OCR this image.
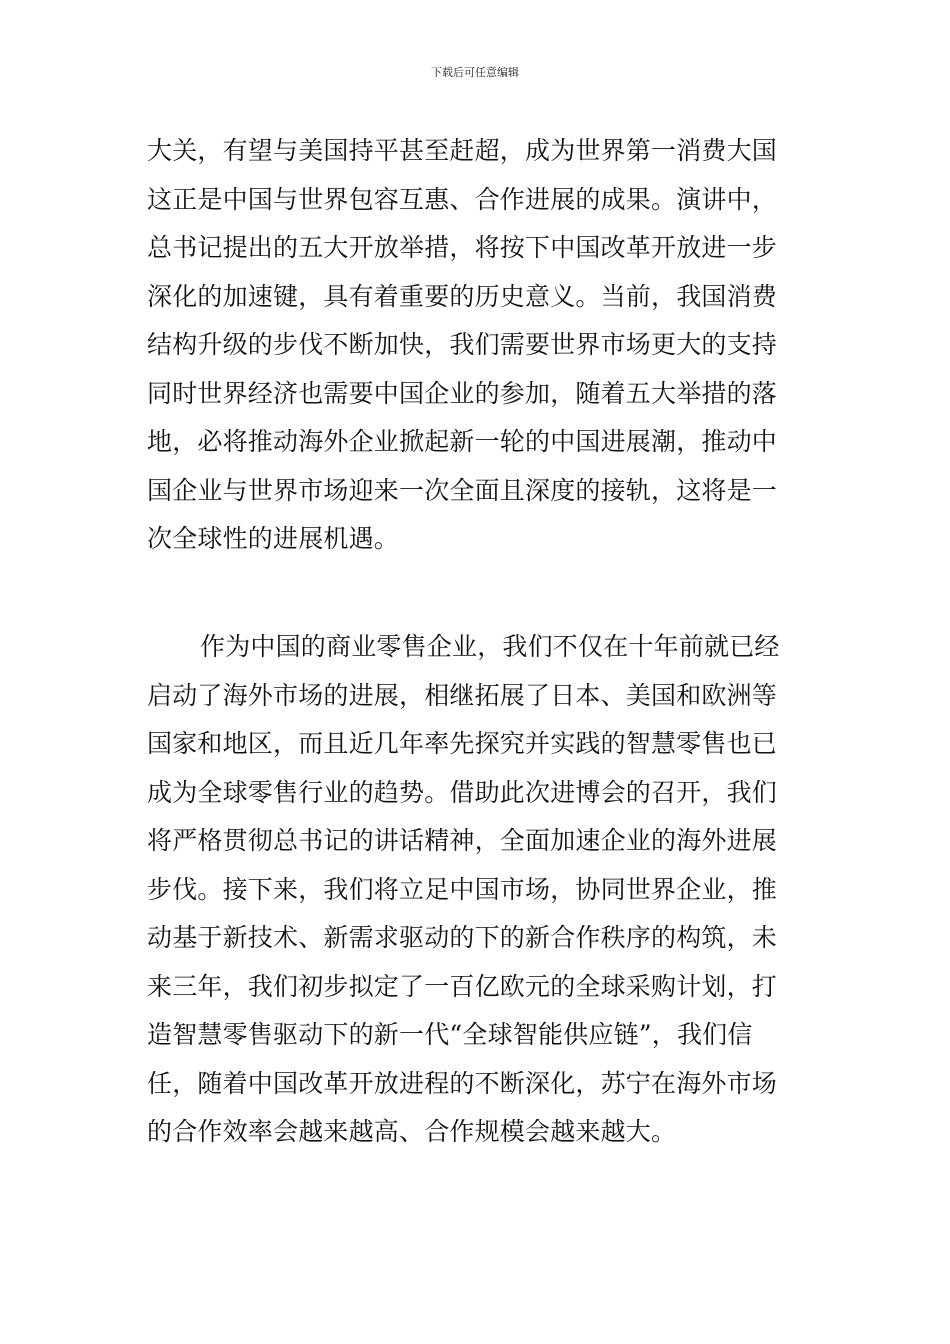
下载后可任意编辑
大关，有望与美国持平甚至赶超，成为世界第一消费大国
这正是中国与世界包容互惠、合作进展的成果。演讲中，
总书记提出的五大开放举措，将按下中国改革开放进一步
深化的加速键，具有着重要的历史意义。当前，我国消费
结构升级的步伐不断加快，我们需要世界市场更大的支持
同时世界经济也需要中国企业的参加，随着五大举措的落
地，必将推动海外企业掀起新一轮的中国进展潮，推动中
国企业与世界市场迎来一次全面且深度的接轨，这将是一
次全球性的进展机遇。
作为中国的商业零售企业，我们不仅在十年前就已经
启动了海外市场的进展，相继拓展了日本、美国和欧洲等
国家和地区，而且近几年率先探究并实践的智慧零售也已
成为全球零售行业的趋势。借助此次进博会的召开，我们
将严格贯彻总书记的讲话精神，全面加速企业的海外进展
步伐。接下来，我们将立足中国市场，协同世界企业，推
动基于新技术、新需求驱动的下的新合作秩序的构筑，未
来三年，我们初步拟定了一百亿欧元的全球采购计划，打
造智慧零售驱动下的新一代“全球智能供应链”，我们信
任，随着中国改革开放进程的不断深化，苏宁在海外市场
的合作效率会越来越高、合作规模会越来越大。
